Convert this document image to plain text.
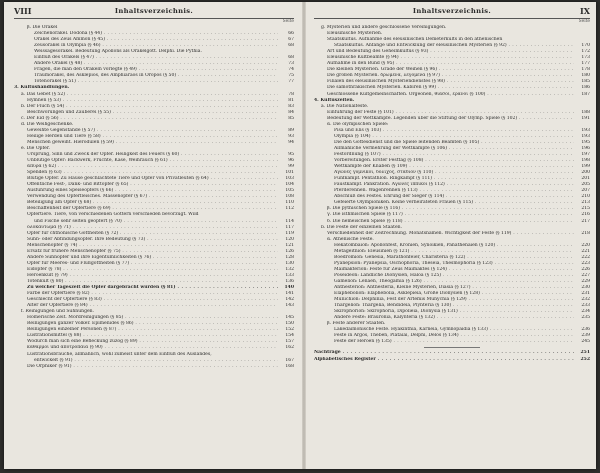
VIII	Inhaltsverzeichnis.
Seite
β. Die Orakel
Zeichenorakel. Dodona (§ 44) . . .	66
Orakel des Zeus Ammon (§ 45) . . .	67
Zeusorakel in Olympia (§ 46) . . .	68
Weissagesorakel. Bedeutung Apollons als Orakelgott. Delphi. Die Pythia.
Einfluß des Orakels (§ 47) . . .	68
Andere Orakel (§ 48) . . .	73
Fragen, die man den Orakeln vorlegte (§ 49) . . .	74
Traumorakel, des Asklepios, des Amphiaraos in Oropos (§ 50) . . .	75
Totenorakel (§ 51) . . .	77
3. Kultushandlungen.
a. Das Gebet (§ 52) . . .	78
Hymnen (§ 53) . . .	81
b. Der Fluch (§ 54) . . .	83
Beschwörungen und Zauberei (§ 55) . . .	84
c. Der Eid (§ 56) . . .	85
d. Die Weihgeschenke.
Geweihte Gegenstände (§ 57) . . .	89
Heilige Herden und Tiere (§ 58) . . .	93
Menschen geweiht. Hierodulen (§ 59) . . .	94
e. Die Opfer.
Ursprung, Sinn und Zweck der Opfer. Heiligkeit des Feuers (§ 60) . . .	95
Unblutige Opfer: Backwerk, Früchte, Käse, Weihrauch (§ 61) . . .	96
ἄπυρα (§ 62) . . .	99
Spenden (§ 63) . . .	101
Blutige Opfer. Zu Hause geschlachtete Tiere und Opfer von Privatleuten (§ 64) . . .	103
Öffentliche Fest-, Dank- und Bittopfer (§ 65) . . .	104
Ausführung eines Speiseopfers (§ 66) . . .	105
Verwendung des Opferfleisches. Massenopfer (§ 67) . . .	108
Beteiligung am Opfer (§ 68) . . .	110
Beschaffenheit der Opfertiere (§ 69) . . .	112
Opfertiere. Tiere, von verschiedenen Göttern verschieden bevorzugt. Wild
und Fische sehr selten geopfert (§ 70) . . .	114
ὁλοκαύτωμα (§ 71) . . .	117
Opfer für chthonische Gottheiten (§ 72) . . .	119
Sühn- oder Abfindungsopfer. Ihre Bedeutung (§ 73) . . .	120
Menschenopfer (§ 74) . . .	121
Ersatz für frühere Menschenopfer (§ 75) . . .	126
Andere Sühnopfer und ihre Eigentümlichkeiten (§ 76) . . .	128
Opfer für Meeres- und Flußgottheiten (§ 77) . . .	130
Eidopfer (§ 78) . . .	132
Heroenkult (§ 79) . . .	133
Totenkult (§ 80) . . .	136
Zu welcher Tageszeit die Opfer dargebracht wurden (§ 81) . . .	140
Farbe der Opfertiere (§ 82) . . .	141
Geschlecht der Opfertiere (§ 83) . . .	142
Alter der Opfertiere (§ 84) . . .	143
f. Reinigungen und Sühnungen.
Homerische Zeit. Mordreinigungen (§ 85) . . .	145
Reinigungen ganzer Völker. Epimenides (§ 86) . . .	150
Reinigungen einzelner Personen (§ 87) . . .	152
Lustrationsmittel (§ 88) . . .	154
Wodurch man sich eine Befleckung zuzog (§ 89) . . .	157
καθαρμοί und ἀποτρόπαια (§ 90) . . .	162
Lustrationsbräuche, allmählich, wohl zumeist unter dem Einfluß des Auslandes,
entwickelt (§ 91) . . .	167
Die Orphiker (§ 91) . . .	168
Inhaltsverzeichnis.	IX
Seite
g. Mysterien und andere geschlossene Vereinigungen.
Eleusinische Mysterien.
Staatskultus. Aufnahme des eleusinischen Demeterkults in den athenischen
Staatskultus. Anfänge und Entwicklung der eleusinischen Mysterien (§ 92) . . .	170
Art und Bedeutung des Geheimkultus (§ 93) . . .	172
Eleusinische Kultbeamte (§ 94) . . .	173
Aufnahme in den Bund (§ 95) . . .	177
Die kleinen Mysterien. Grade der Weihen (§ 96) . . .	178
Die großen Mysterien. δρώμενα, λεγόμενα (§ 97) . . .	180
Filialen des eleusinischen Mysteriendienstes (§ 98) . . .	185
Die samothrakischen Mysterien. Kabiren (§ 99) . . .	186
Geschlossene Kultgemeinschaften. Orgeonen, θίασοι, ἔρανοι (§ 100) . . .	187
4. Kultuszeiten.
a. Die Nationalfeste.
Einführung der Feste (§ 101) . . .	188
Bedeutung der Wettkämpfe. Legenden über die Stiftung der Olymp. Spiele (§ 102) . . .	191
α. Die olympischen Spiele:
Pisa und Elis (§ 103) . . .	193
Olympia (§ 104) . . .	193
Die den Gottesdienst und die Spiele leitenden Beamten (§ 105) . . .	195
Allmähliche Vermehrung der Wettkämpfe (§ 106) . . .	196
Festordnung (§ 107) . . .	197
Vorbereitungen. Erster Festtag (§ 108) . . .	198
Wettkämpfe der Knaben (§ 109) . . .	199
Ἀγῶνες γυμνικοί, δόλιχος, στάδιον (§ 110) . . .	200
Fünfkampf. Pentathlon. Ringkampf (§ 111) . . .	201
Faustkampf. Pankration. Ἀγῶνες ἱππικοί (§ 112) . . .	205
Pferderennen. Wagenrennen (§ 113) . . .	207
Abschluß des Festes. Ehrung der Sieger (§ 114) . . .	210
Gefeierte Olympioniken. Keine verheirateten Frauen (§ 115) . . .	213
β. Die pythischen Spiele (§ 116) . . .	215
γ. Die isthmischen Spiele (§ 117) . . .	216
δ. Die nemeischen Spiele (§ 118) . . .	217
b. Die Feste der einzelnen Staaten.
Verschiedenheit der Zeitrechnung. Monatsnamen. Wichtigkeit der Feste (§ 119) . . .	218
α. Athenische Feste.
Hekatombaion: Apollonfest, Kronien, Synoikien, Panathenaien (§ 120) . . .	220
Metageitnion: Eleusinien (§ 121) . . .	221
Boedromion: Genesia, Marathonfeier, Charisteria (§ 122) . . .	222
Pyanepsion: Pyanepsia, Oschophoria, Theseia, Thesmophoria (§ 123) . . .	223
Maimakterion: Feste für Zeus Maimaktes (§ 124) . . .	226
Poseideon: Ländliche Dionysien, Haloa (§ 125) . . .	227
Gamelion: Lenäen, Theogamia (§ 126) . . .	229
Anthesterion: Anthesteria, Kleine Mysterien, Diasia (§ 127) . . .	230
Elaphebolion: Elaphebolia, Asklepieia, Große Dionysien (§ 128) . . .	231
Munichion: Delphinia, Fest der Artemis Munychia (§ 129) . . .	232
Thargelion: Thargelia, Bendideia, Plynteria (§ 130) . . .	233
Skirophorion: Skirophoria, Dipolieia, Dionysia (§ 131) . . .	234
Andere Feste: Brauronia, Kalynteria (§ 132) . . .	235
β. Feste anderer Staaten.
Lakedaimonische Feste. Hyakinthia, Karneia, Gymnopaidia (§ 133) . . .	236
Feste in Argos, Theben, Plataiai, Delphi, Delos (§ 134) . . .	239
Feste der Heroen (§ 135) . . .	245
Nachträge . . .	251
Alphabetisches Register . . .	252
